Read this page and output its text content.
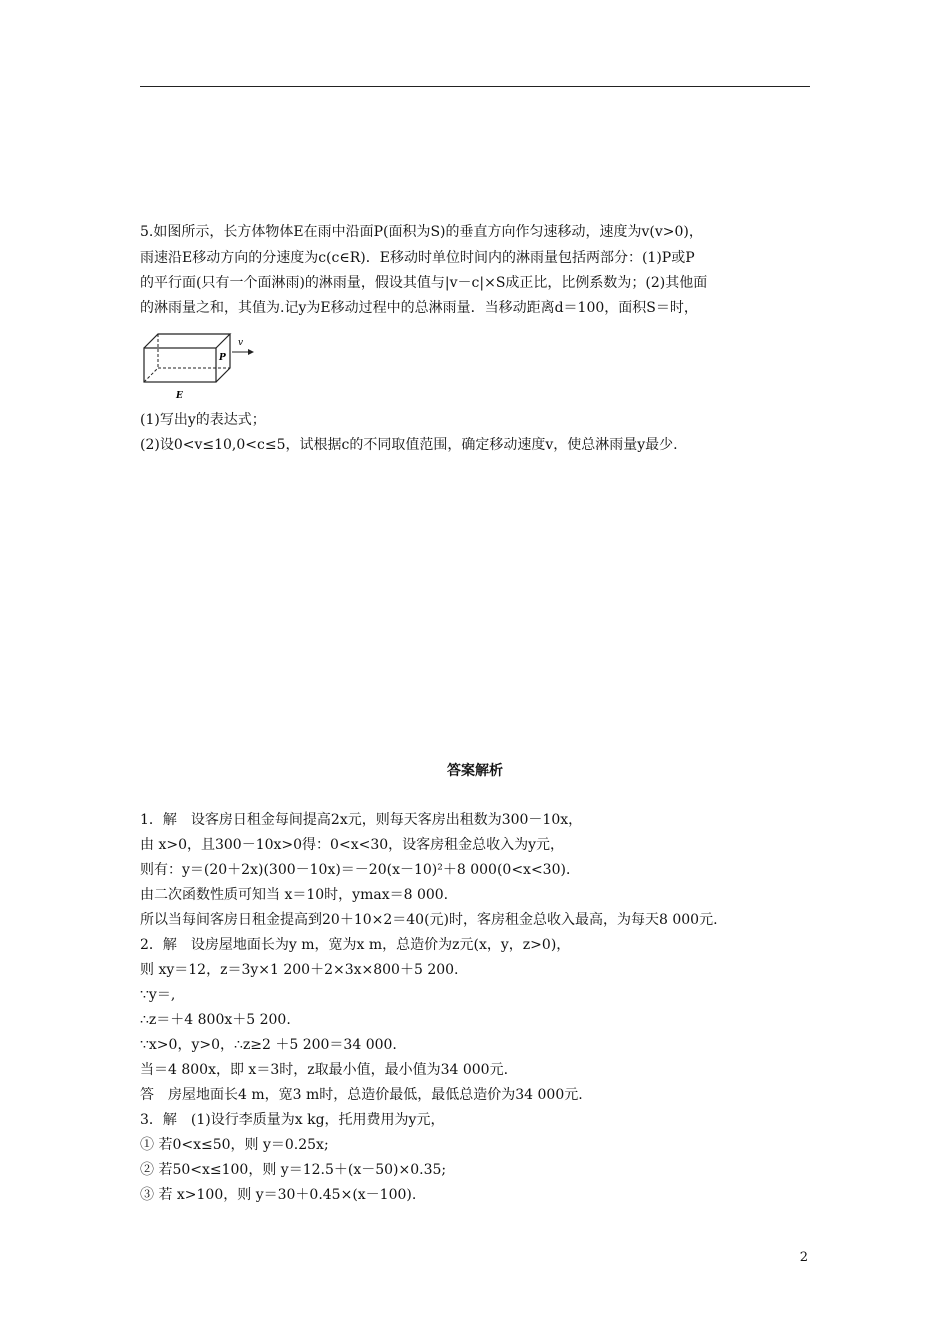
5.如图所示，长方体物体E在雨中沿面P(面积为S)的垂直方向作匀速移动，速度为v(v>0)，
雨速沿E移动方向的分速度为c(c∈R)．E移动时单位时间内的淋雨量包括两部分：(1)P或P
的平行面(只有一个面淋雨)的淋雨量，假设其值与|v－c|×S成正比，比例系数为；(2)其他面
的淋雨量之和，其值为.记y为E移动过程中的总淋雨量．当移动距离d＝100，面积S＝时，
v
P
E
(1)写出y的表达式；
(2)设0<v≤10,0<c≤5，试根据c的不同取值范围，确定移动速度v，使总淋雨量y最少.
答案解析
1．解　设客房日租金每间提高2x元，则每天客房出租数为300－10x，
由 x>0，且300－10x>0得：0<x<30，设客房租金总收入为y元，
则有：y＝(20＋2x)(300－10x)＝－20(x－10)²＋8 000(0<x<30)．
由二次函数性质可知当 x＝10时，ymax＝8 000.
所以当每间客房日租金提高到20＋10×2＝40(元)时，客房租金总收入最高，为每天8 000元.
2．解　设房屋地面长为y m，宽为x m，总造价为z元(x，y，z>0)，
则 xy＝12，z＝3y×1 200＋2×3x×800＋5 200.
∵y＝,
∴z＝＋4 800x＋5 200.
∵x>0，y>0，∴z≥2 ＋5 200＝34 000.
当＝4 800x，即 x＝3时，z取最小值，最小值为34 000元.
答　房屋地面长4 m，宽3 m时，总造价最低，最低总造价为34 000元.
3．解　(1)设行李质量为x kg，托用费用为y元，
① 若0<x≤50，则 y＝0.25x;
② 若50<x≤100，则 y＝12.5＋(x－50)×0.35;
③ 若 x>100，则 y＝30＋0.45×(x－100).
2
